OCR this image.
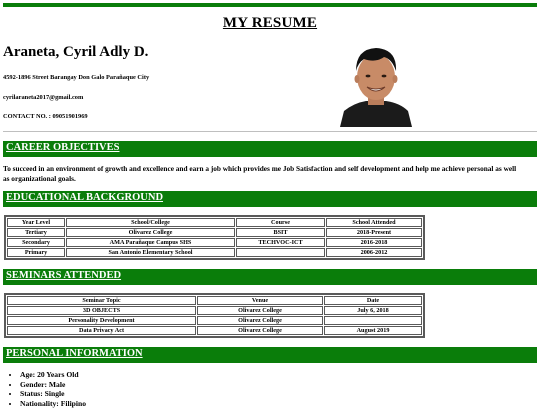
MY RESUME
Araneta, Cyril Adly D.
4592-1896 Street Barangay Don Galo Parañaque City
cyrilaraneta2017@gmail.com
CONTACT NO. : 09051901969
CAREER OBJECTIVES
To succeed in an environment of growth and excellence and earn a job which provides me Job Satisfaction and self development and help me achieve personal as well as organizational goals.
EDUCATIONAL BACKGROUND
Year Level	School/College	Course	School Attended
Tertiary	Olivarez College	BSIT	2018-Present
Secondary	AMA Parañaque Campus SHS	TECHVOC-ICT	2016-2018
Primary	San Antonio Elementary School		2006-2012
SEMINARS ATTENDED
Seminar Topic	Venue	Date
3D OBJECTS	Olivarez College	July 6, 2018
Personality Development	Olivarez College	
Data Privacy Act	Olivarez College	August 2019
PERSONAL INFORMATION
• Age: 20 Years Old
• Gender: Male
• Status: Single
• Nationality: Filipino
